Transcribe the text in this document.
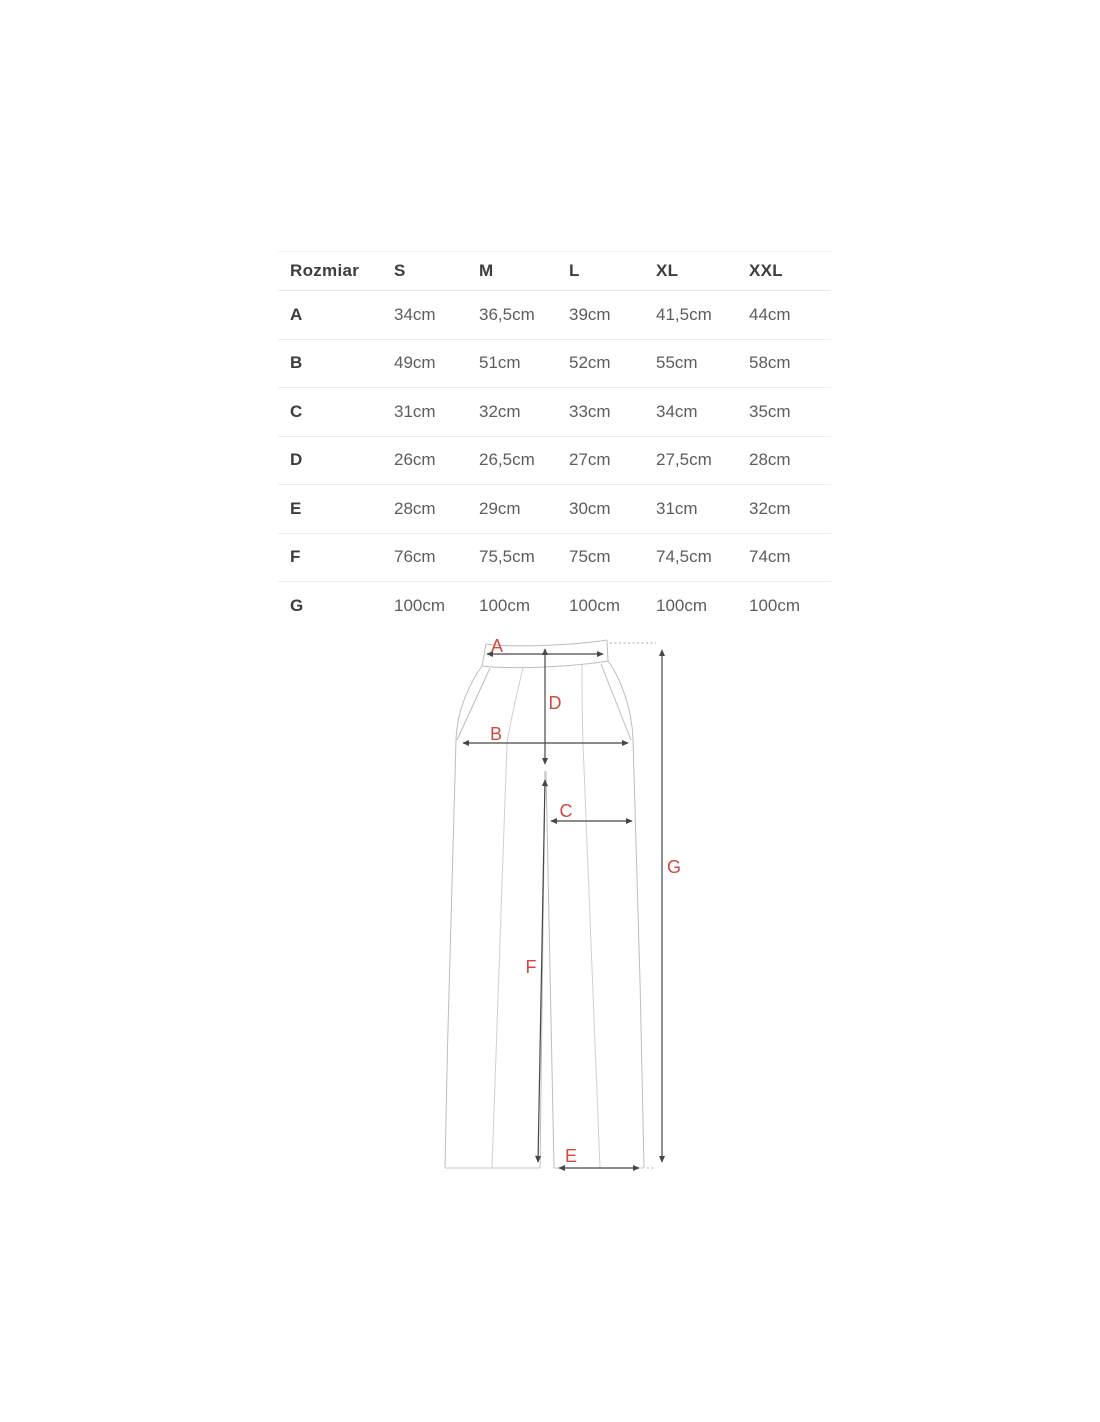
Rozmiar	S	M	L	XL	XXL
A	34cm	36,5cm	39cm	41,5cm	44cm
B	49cm	51cm	52cm	55cm	58cm
C	31cm	32cm	33cm	34cm	35cm
D	26cm	26,5cm	27cm	27,5cm	28cm
E	28cm	29cm	30cm	31cm	32cm
F	76cm	75,5cm	75cm	74,5cm	74cm
G	100cm	100cm	100cm	100cm	100cm
A
B
C
D
E
F
G
